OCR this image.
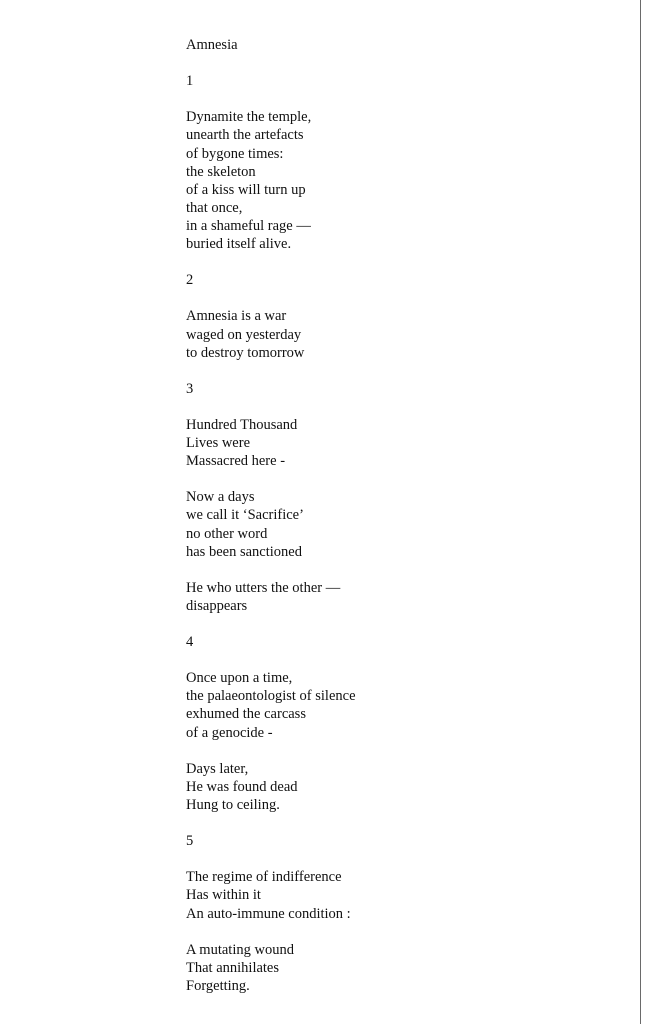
Amnesia
1
Dynamite the temple,
unearth the artefacts
of bygone times:
the skeleton
of a kiss will turn up
that once,
in a shameful rage —
buried itself alive.
2
Amnesia is a war
waged on yesterday
to destroy tomorrow
3
Hundred Thousand
Lives were
Massacred here -
Now a days
we call it ‘Sacrifice’
no other word
has been sanctioned
He who utters the other —
disappears
4
Once upon a time,
the palaeontologist of silence
exhumed the carcass
of a genocide -
Days later,
He was found dead
Hung to ceiling.
5
The regime of indifference
Has within it
An auto-immune condition :
A mutating wound
That annihilates
Forgetting.
